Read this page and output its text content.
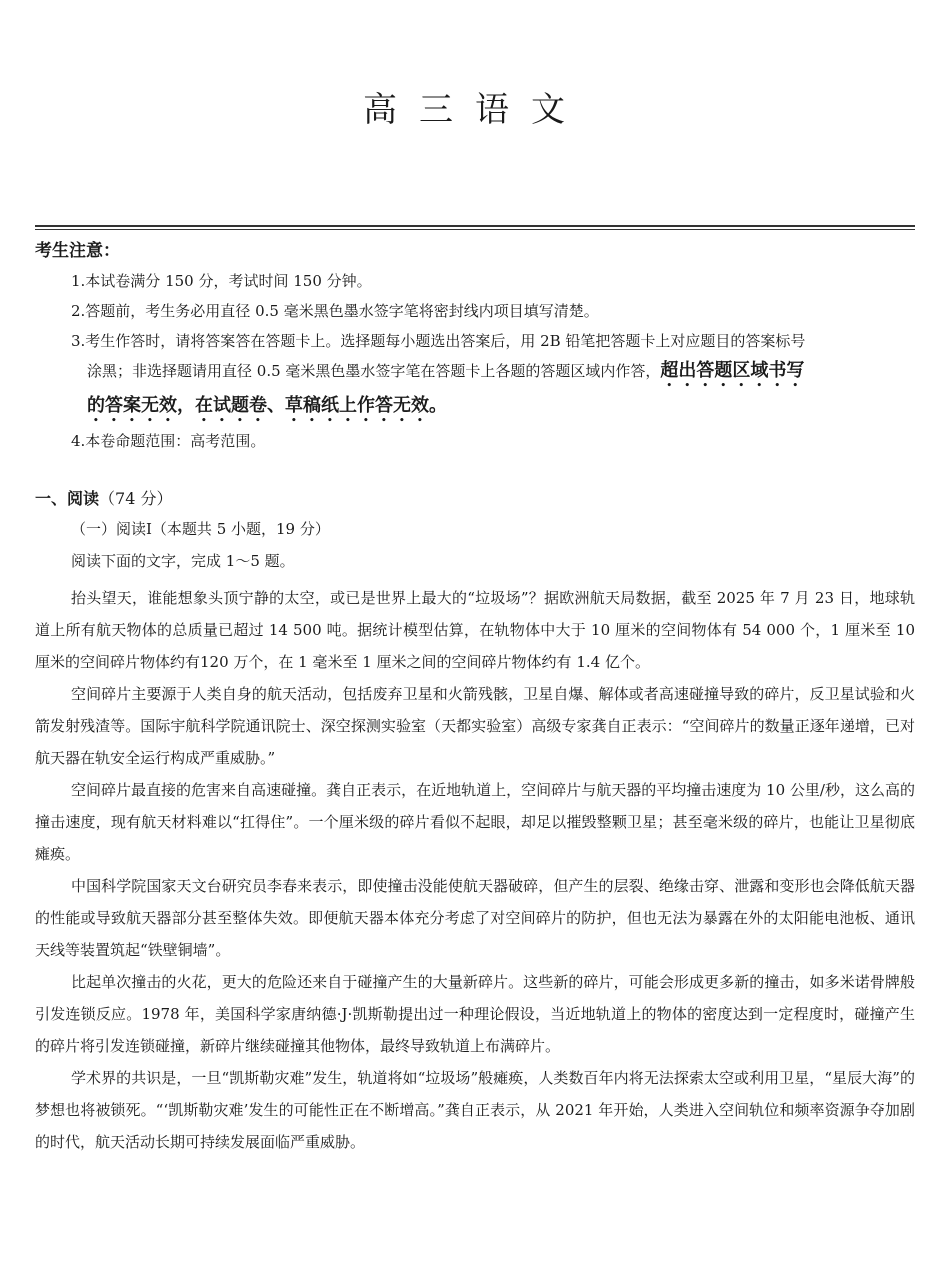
高三语文
考生注意：
1.本试卷满分 150 分，考试时间 150 分钟。
2.答题前，考生务必用直径 0.5 毫米黑色墨水签字笔将密封线内项目填写清楚。
3.考生作答时，请将答案答在答题卡上。选择题每小题选出答案后，用 2B 铅笔把答题卡上对应题目的答案标号
涂黑；非选择题请用直径 0.5 毫米黑色墨水签字笔在答题卡上各题的答题区域内作答，超出答题区域书写
的答案无效，在试题卷、草稿纸上作答无效。
4.本卷命题范围：高考范围。
一、阅读（74 分）
（一）阅读Ⅰ（本题共 5 小题，19 分）
阅读下面的文字，完成 1～5 题。

抬头望天，谁能想象头顶宁静的太空，或已是世界上最大的“垃圾场”？据欧洲航天局数据，截至 2025 年 7 月 23 日，地球轨道上所有航天物体的总质量已超过 14 500 吨。据统计模型估算，在轨物体中大于 10 厘米的空间物体有 54 000 个，1 厘米至 10 厘米的空间碎片物体约有120 万个，在 1 毫米至 1 厘米之间的空间碎片物体约有 1.4 亿个。

空间碎片主要源于人类自身的航天活动，包括废弃卫星和火箭残骸，卫星自爆、解体或者高速碰撞导致的碎片，反卫星试验和火箭发射残渣等。国际宇航科学院通讯院士、深空探测实验室（天都实验室）高级专家龚自正表示：“空间碎片的数量正逐年递增，已对航天器在轨安全运行构成严重威胁。”

空间碎片最直接的危害来自高速碰撞。龚自正表示，在近地轨道上，空间碎片与航天器的平均撞击速度为 10 公里/秒，这么高的撞击速度，现有航天材料难以“扛得住”。一个厘米级的碎片看似不起眼，却足以摧毁整颗卫星；甚至毫米级的碎片，也能让卫星彻底瘫痪。

中国科学院国家天文台研究员李春来表示，即使撞击没能使航天器破碎，但产生的层裂、绝缘击穿、泄露和变形也会降低航天器的性能或导致航天器部分甚至整体失效。即便航天器本体充分考虑了对空间碎片的防护，但也无法为暴露在外的太阳能电池板、通讯天线等装置筑起“铁壁铜墙”。

比起单次撞击的火花，更大的危险还来自于碰撞产生的大量新碎片。这些新的碎片，可能会形成更多新的撞击，如多米诺骨牌般引发连锁反应。1978 年，美国科学家唐纳德·J·凯斯勒提出过一种理论假设，当近地轨道上的物体的密度达到一定程度时，碰撞产生的碎片将引发连锁碰撞，新碎片继续碰撞其他物体，最终导致轨道上布满碎片。

学术界的共识是，一旦“凯斯勒灾难”发生，轨道将如“垃圾场”般瘫痪，人类数百年内将无法探索太空或利用卫星，“星辰大海”的梦想也将被锁死。“‘凯斯勒灾难’发生的可能性正在不断增高。”龚自正表示，从 2021 年开始，人类进入空间轨位和频率资源争夺加剧的时代，航天活动长期可持续发展面临严重威胁。
